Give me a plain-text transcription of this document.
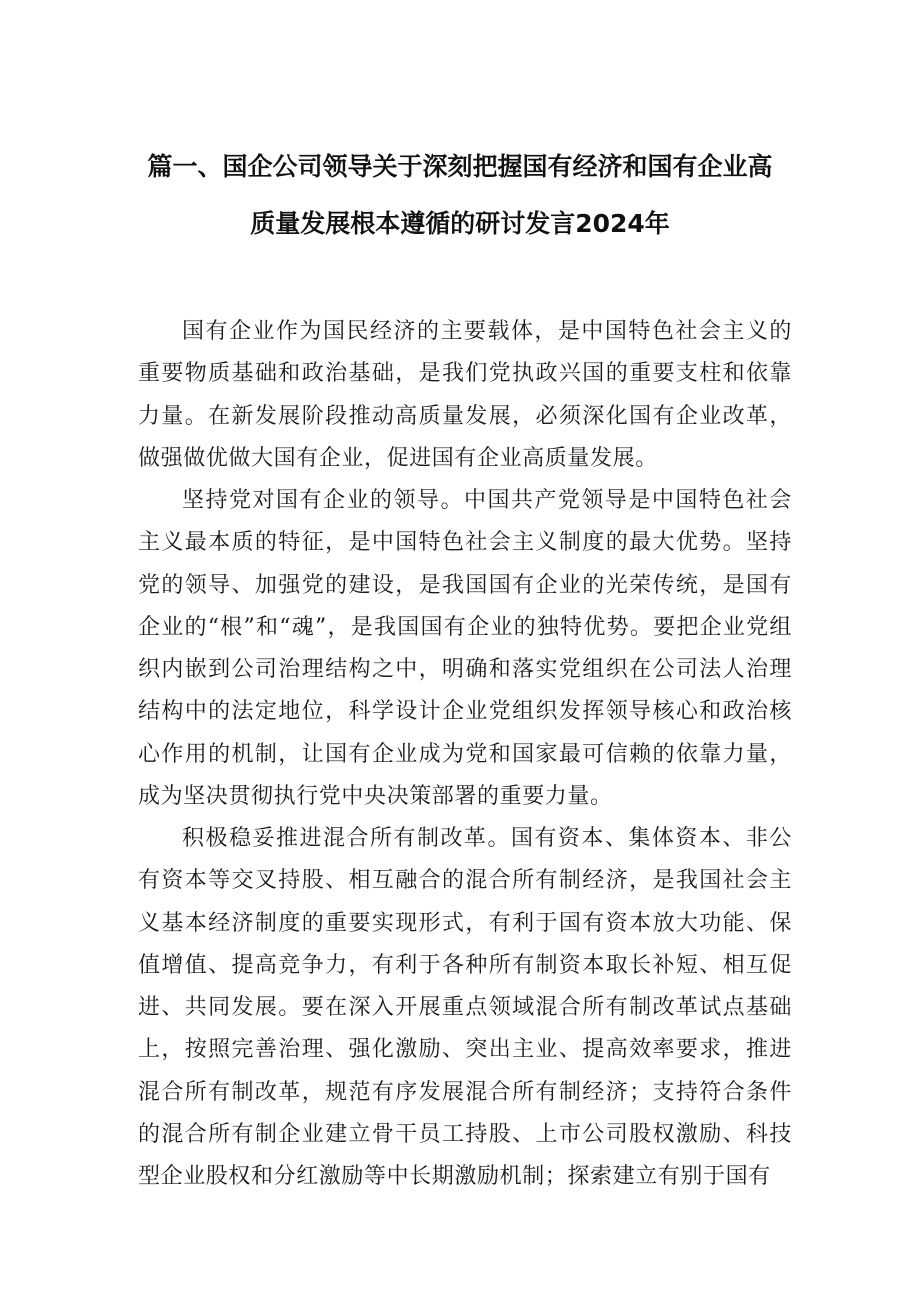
篇一、国企公司领导关于深刻把握国有经济和国有企业高
质量发展根本遵循的研讨发言2024年

国有企业作为国民经济的主要载体，是中国特色社会主义的重要物质基础和政治基础，是我们党执政兴国的重要支柱和依靠力量。在新发展阶段推动高质量发展，必须深化国有企业改革，做强做优做大国有企业，促进国有企业高质量发展。

坚持党对国有企业的领导。中国共产党领导是中国特色社会主义最本质的特征，是中国特色社会主义制度的最大优势。坚持党的领导、加强党的建设，是我国国有企业的光荣传统，是国有企业的“根”和“魂”，是我国国有企业的独特优势。要把企业党组织内嵌到公司治理结构之中，明确和落实党组织在公司法人治理结构中的法定地位，科学设计企业党组织发挥领导核心和政治核心作用的机制，让国有企业成为党和国家最可信赖的依靠力量，成为坚决贯彻执行党中央决策部署的重要力量。

积极稳妥推进混合所有制改革。国有资本、集体资本、非公有资本等交叉持股、相互融合的混合所有制经济，是我国社会主义基本经济制度的重要实现形式，有利于国有资本放大功能、保值增值、提高竞争力，有利于各种所有制资本取长补短、相互促进、共同发展。要在深入开展重点领域混合所有制改革试点基础上，按照完善治理、强化激励、突出主业、提高效率要求，推进混合所有制改革，规范有序发展混合所有制经济；支持符合条件的混合所有制企业建立骨干员工持股、上市公司股权激励、科技型企业股权和分红激励等中长期激励机制；探索建立有别于国有
